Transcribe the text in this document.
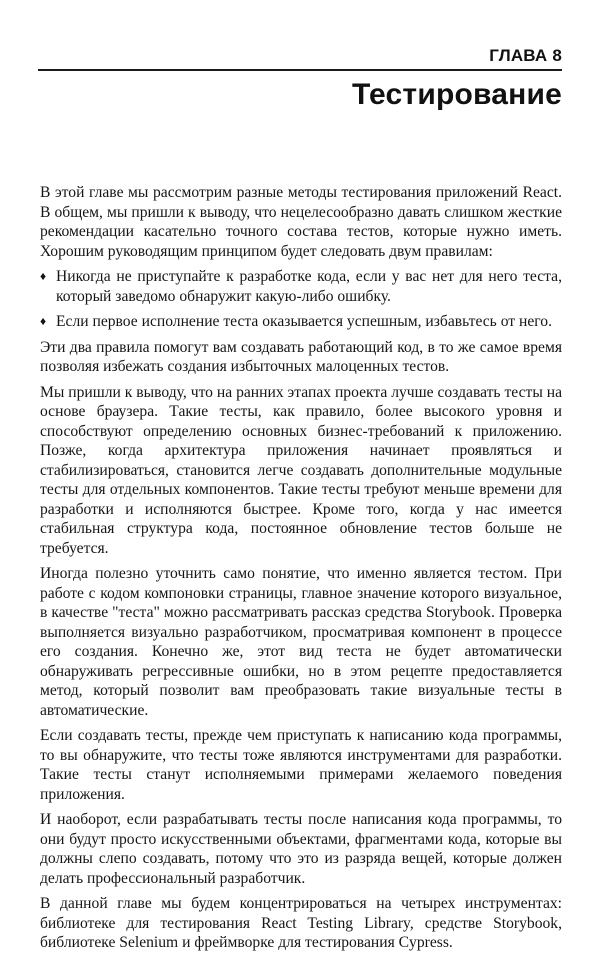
ГЛАВА 8
Тестирование

В этой главе мы рассмотрим разные методы тестирования приложений React. В общем, мы пришли к выводу, что нецелесообразно давать слишком жесткие рекомендации касательно точного состава тестов, которые нужно иметь. Хорошим руководящим принципом будет следовать двум правилам:

♦ Никогда не приступайте к разработке кода, если у вас нет для него теста, который заведомо обнаружит какую-либо ошибку.
♦ Если первое исполнение теста оказывается успешным, избавьтесь от него.

Эти два правила помогут вам создавать работающий код, в то же самое время позволяя избежать создания избыточных малоценных тестов.

Мы пришли к выводу, что на ранних этапах проекта лучше создавать тесты на основе браузера. Такие тесты, как правило, более высокого уровня и способствуют определению основных бизнес-требований к приложению. Позже, когда архитектура приложения начинает проявляться и стабилизироваться, становится легче создавать дополнительные модульные тесты для отдельных компонентов. Такие тесты требуют меньше времени для разработки и исполняются быстрее. Кроме того, когда у нас имеется стабильная структура кода, постоянное обновление тестов больше не требуется.

Иногда полезно уточнить само понятие, что именно является тестом. При работе с кодом компоновки страницы, главное значение которого визуальное, в качестве "теста" можно рассматривать рассказ средства Storybook. Проверка выполняется визуально разработчиком, просматривая компонент в процессе его создания. Конечно же, этот вид теста не будет автоматически обнаруживать регрессивные ошибки, но в этом рецепте предоставляется метод, который позволит вам преобразовать такие визуальные тесты в автоматические.

Если создавать тесты, прежде чем приступать к написанию кода программы, то вы обнаружите, что тесты тоже являются инструментами для разработки. Такие тесты станут исполняемыми примерами желаемого поведения приложения.

И наоборот, если разрабатывать тесты после написания кода программы, то они будут просто искусственными объектами, фрагментами кода, которые вы должны слепо создавать, потому что это из разряда вещей, которые должен делать профессиональный разработчик.

В данной главе мы будем концентрироваться на четырех инструментах: библиотеке для тестирования React Testing Library, средстве Storybook, библиотеке Selenium и фреймворке для тестирования Cypress.
